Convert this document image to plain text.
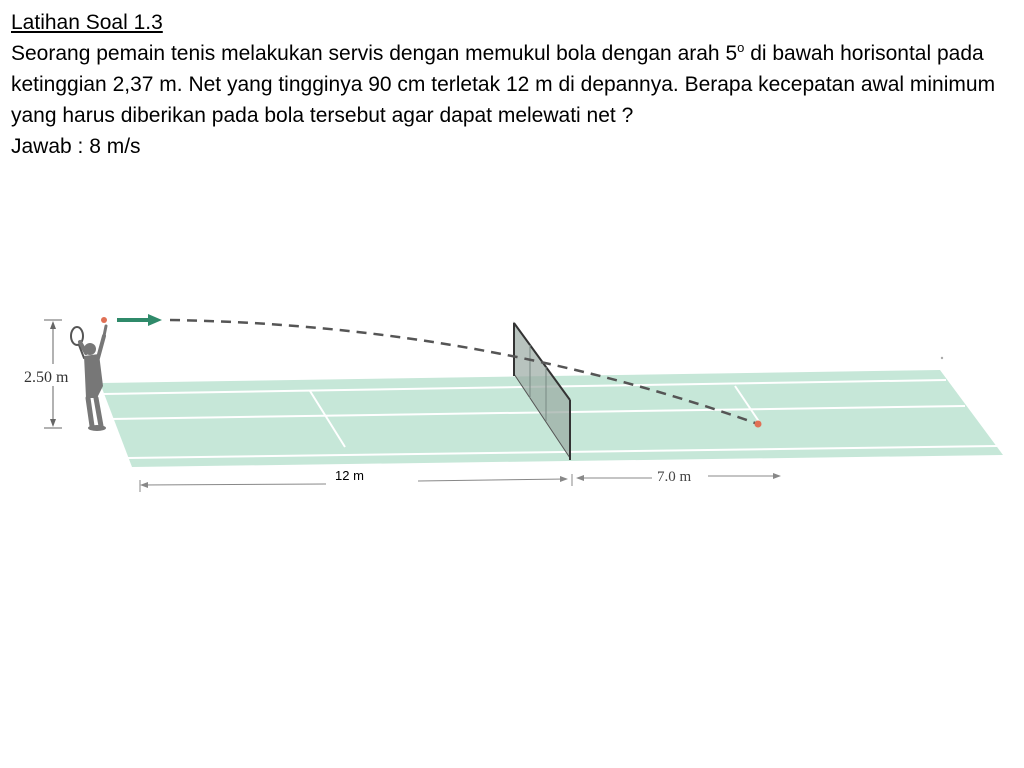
Latihan Soal 1.3

Seorang pemain tenis melakukan servis dengan memukul bola dengan arah 5$^o$ di bawah horisontal pada ketinggian 2,37 m. Net yang tingginya 90 cm terletak 12 m di depannya. Berapa kecepatan awal minimum yang harus diberikan pada bola tersebut agar dapat melewati net ?

Jawab : 8 m/s

2.50 m
12 m	7.0 m
